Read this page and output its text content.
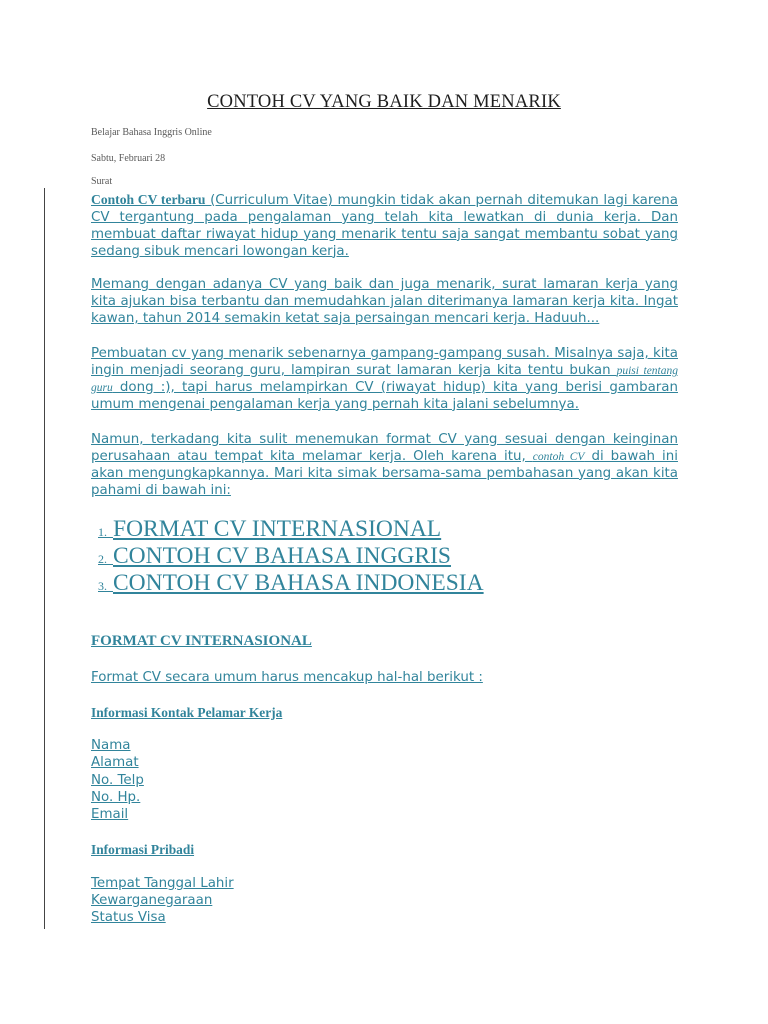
CONTOH CV YANG BAIK DAN MENARIK
Belajar Bahasa Inggris Online
Sabtu, Februari 28
Surat
Contoh CV terbaru (Curriculum Vitae) mungkin tidak akan pernah ditemukan lagi karena CV tergantung pada pengalaman yang telah kita lewatkan di dunia kerja. Dan membuat daftar riwayat hidup yang menarik tentu saja sangat membantu sobat yang sedang sibuk mencari lowongan kerja.
Memang dengan adanya CV yang baik dan juga menarik, surat lamaran kerja yang kita ajukan bisa terbantu dan memudahkan jalan diterimanya lamaran kerja kita. Ingat kawan, tahun 2014 semakin ketat saja persaingan mencari kerja. Haduuh...
Pembuatan cv yang menarik sebenarnya gampang-gampang susah. Misalnya saja, kita ingin menjadi seorang guru, lampiran surat lamaran kerja kita tentu bukan puisi tentang guru dong :), tapi harus melampirkan CV (riwayat hidup) kita yang berisi gambaran umum mengenai pengalaman kerja yang pernah kita jalani sebelumnya.
Namun, terkadang kita sulit menemukan format CV yang sesuai dengan keinginan perusahaan atau tempat kita melamar kerja. Oleh karena itu, contoh CV di bawah ini akan mengungkapkannya. Mari kita simak bersama-sama pembahasan yang akan kita pahami di bawah ini:
1. FORMAT CV INTERNASIONAL
2. CONTOH CV BAHASA INGGRIS
3. CONTOH CV BAHASA INDONESIA
FORMAT CV INTERNASIONAL
Format CV secara umum harus mencakup hal-hal berikut :
Informasi Kontak Pelamar Kerja
Nama
Alamat
No. Telp
No. Hp.
Email
Informasi Pribadi
Tempat Tanggal Lahir
Kewarganegaraan
Status Visa
